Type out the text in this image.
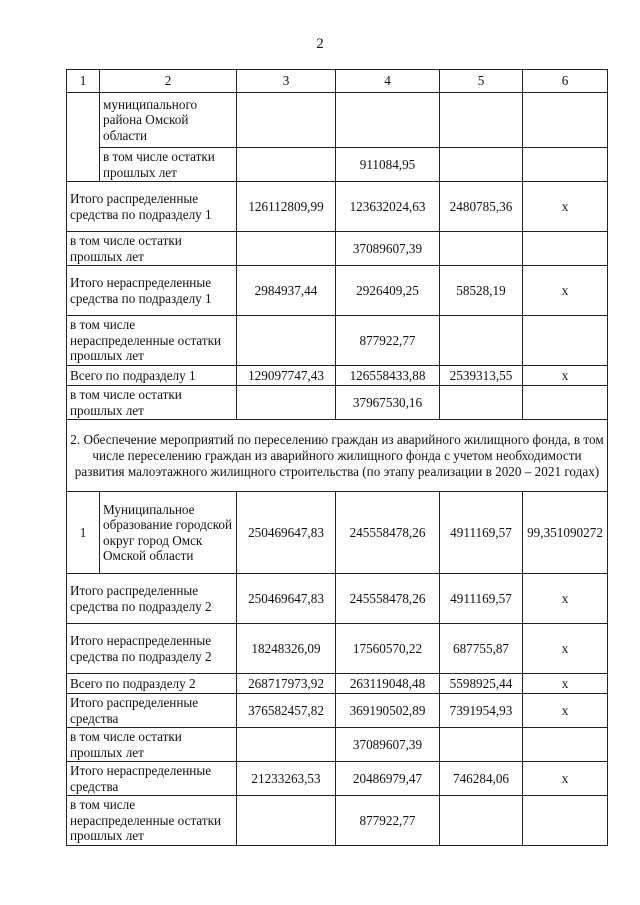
2
1	2	3	4	5	6
	муниципального района Омской области				
	в том числе остатки прошлых лет		911084,95		
Итого распределенные средства по подразделу 1		126112809,99	123632024,63	2480785,36	x
в том числе остатки прошлых лет			37089607,39		
Итого нераспределенные средства по подразделу 1		2984937,44	2926409,25	58528,19	x
в том числе нераспределенные остатки прошлых лет			877922,77		
Всего по подразделу 1		129097747,43	126558433,88	2539313,55	x
в том числе остатки прошлых лет			37967530,16		
2. Обеспечение мероприятий по переселению граждан из аварийного жилищного фонда, в том числе переселению граждан из аварийного жилищного фонда с учетом необходимости развития малоэтажного жилищного строительства (по этапу реализации в 2020 – 2021 годах)					
1	Муниципальное образование городской округ город Омск Омской области	250469647,83	245558478,26	4911169,57	99,351090272
Итого распределенные средства по подразделу 2		250469647,83	245558478,26	4911169,57	x
Итого нераспределенные средства по подразделу 2		18248326,09	17560570,22	687755,87	x
Всего по подразделу 2		268717973,92	263119048,48	5598925,44	x
Итого распределенные средства		376582457,82	369190502,89	7391954,93	x
в том числе остатки прошлых лет			37089607,39		
Итого нераспределенные средства		21233263,53	20486979,47	746284,06	x
в том числе нераспределенные остатки прошлых лет			877922,77		
